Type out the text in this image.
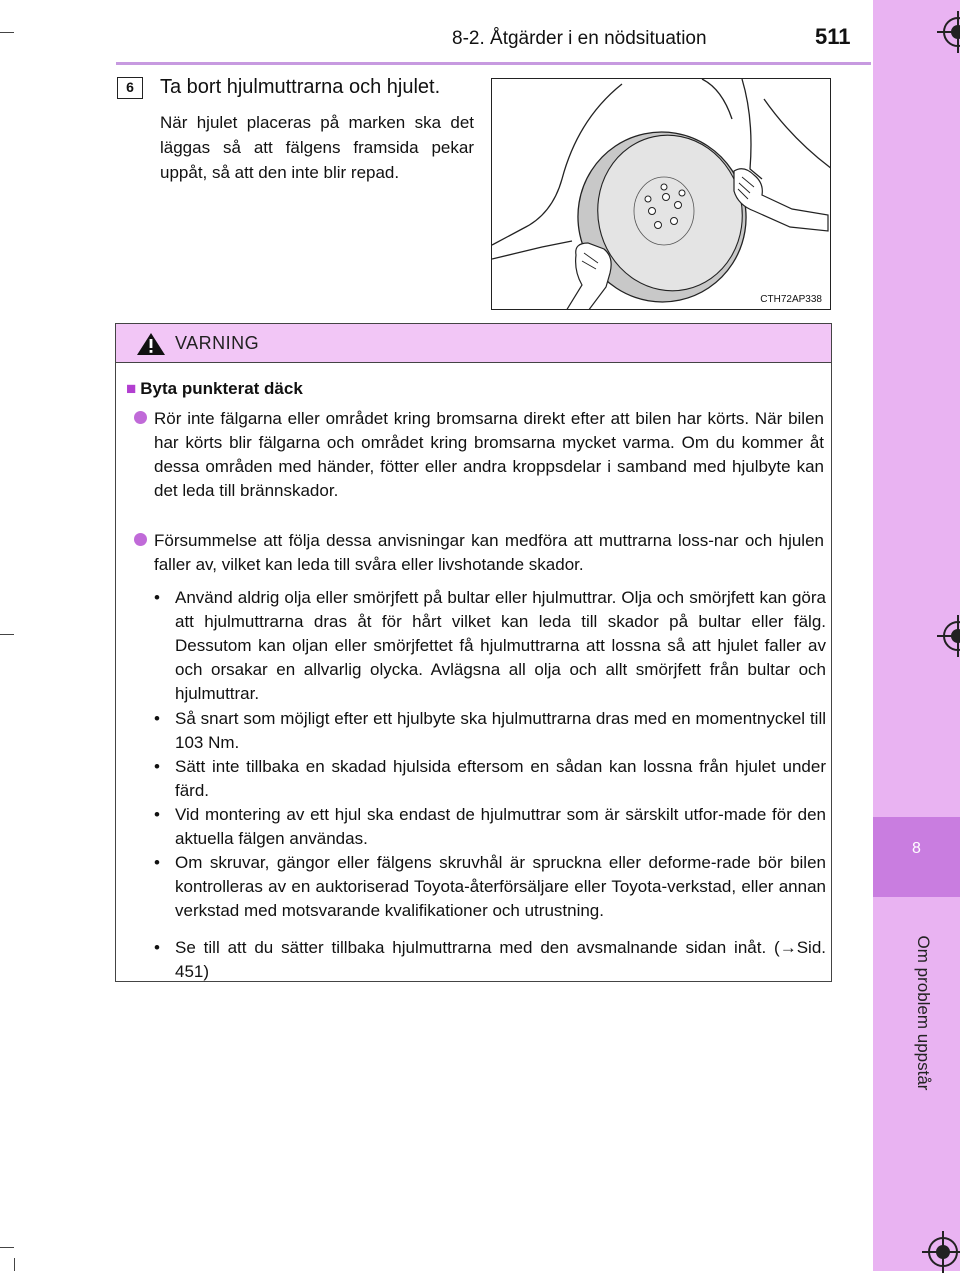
8
Om problem uppstår
8-2. Åtgärder i en nödsituation	511
6	Ta bort hjulmuttrarna och hjulet.
När hjulet placeras på marken ska det läggas så att fälgens framsida pekar uppåt, så att den inte blir repad.
CTH72AP338
VARNING
■ Byta punkterat däck
Rör inte fälgarna eller området kring bromsarna direkt efter att bilen har körts. När bilen har körts blir fälgarna och området kring bromsarna mycket varma. Om du kommer åt dessa områden med händer, fötter eller andra kroppsdelar i samband med hjulbyte kan det leda till brännskador.
Försummelse att följa dessa anvisningar kan medföra att muttrarna loss-nar och hjulen faller av, vilket kan leda till svåra eller livshotande skador.
• Använd aldrig olja eller smörjfett på bultar eller hjulmuttrar. Olja och smörjfett kan göra att hjulmuttrarna dras åt för hårt vilket kan leda till skador på bultar eller fälg. Dessutom kan oljan eller smörjfettet få hjulmuttrarna att lossna så att hjulet faller av och orsakar en allvarlig olycka. Avlägsna all olja och allt smörjfett från bultar och hjulmuttrar.
• Så snart som möjligt efter ett hjulbyte ska hjulmuttrarna dras med en momentnyckel till 103 Nm.
• Sätt inte tillbaka en skadad hjulsida eftersom en sådan kan lossna från hjulet under färd.
• Vid montering av ett hjul ska endast de hjulmuttrar som är särskilt utfor-made för den aktuella fälgen användas.
• Om skruvar, gängor eller fälgens skruvhål är spruckna eller deforme-rade bör bilen kontrolleras av en auktoriserad Toyota-återförsäljare eller Toyota-verkstad, eller annan verkstad med motsvarande kvalifikationer och utrustning.
• Se till att du sätter tillbaka hjulmuttrarna med den avsmalnande sidan inåt. (→Sid. 451)
